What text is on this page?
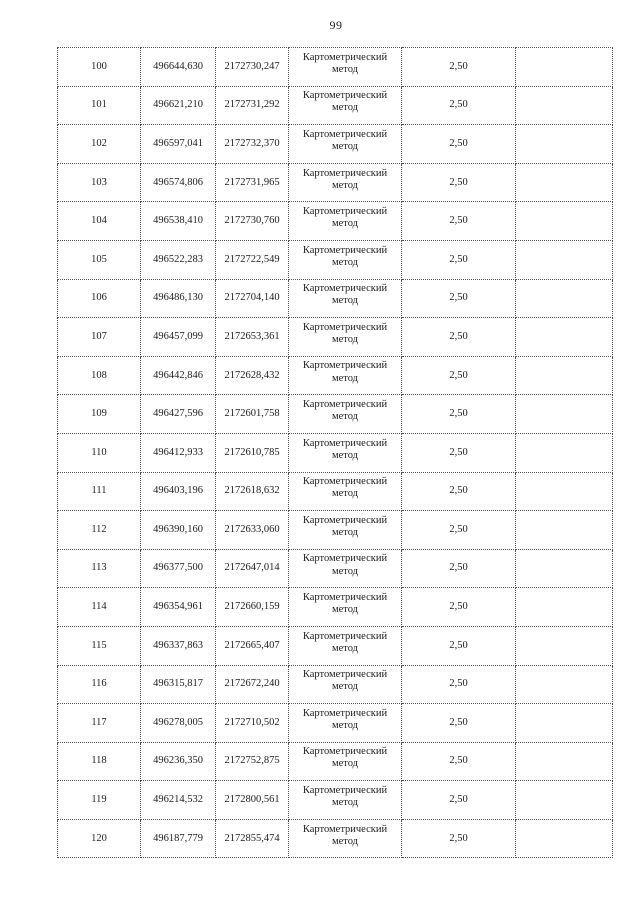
99
100	496644,630	2172730,247	Картометрический метод	2,50	
101	496621,210	2172731,292	Картометрический метод	2,50	
102	496597,041	2172732,370	Картометрический метод	2,50	
103	496574,806	2172731,965	Картометрический метод	2,50	
104	496538,410	2172730,760	Картометрический метод	2,50	
105	496522,283	2172722,549	Картометрический метод	2,50	
106	496486,130	2172704,140	Картометрический метод	2,50	
107	496457,099	2172653,361	Картометрический метод	2,50	
108	496442,846	2172628,432	Картометрический метод	2,50	
109	496427,596	2172601,758	Картометрический метод	2,50	
110	496412,933	2172610,785	Картометрический метод	2,50	
111	496403,196	2172618,632	Картометрический метод	2,50	
112	496390,160	2172633,060	Картометрический метод	2,50	
113	496377,500	2172647,014	Картометрический метод	2,50	
114	496354,961	2172660,159	Картометрический метод	2,50	
115	496337,863	2172665,407	Картометрический метод	2,50	
116	496315,817	2172672,240	Картометрический метод	2,50	
117	496278,005	2172710,502	Картометрический метод	2,50	
118	496236,350	2172752,875	Картометрический метод	2,50	
119	496214,532	2172800,561	Картометрический метод	2,50	
120	496187,779	2172855,474	Картометрический метод	2,50	
